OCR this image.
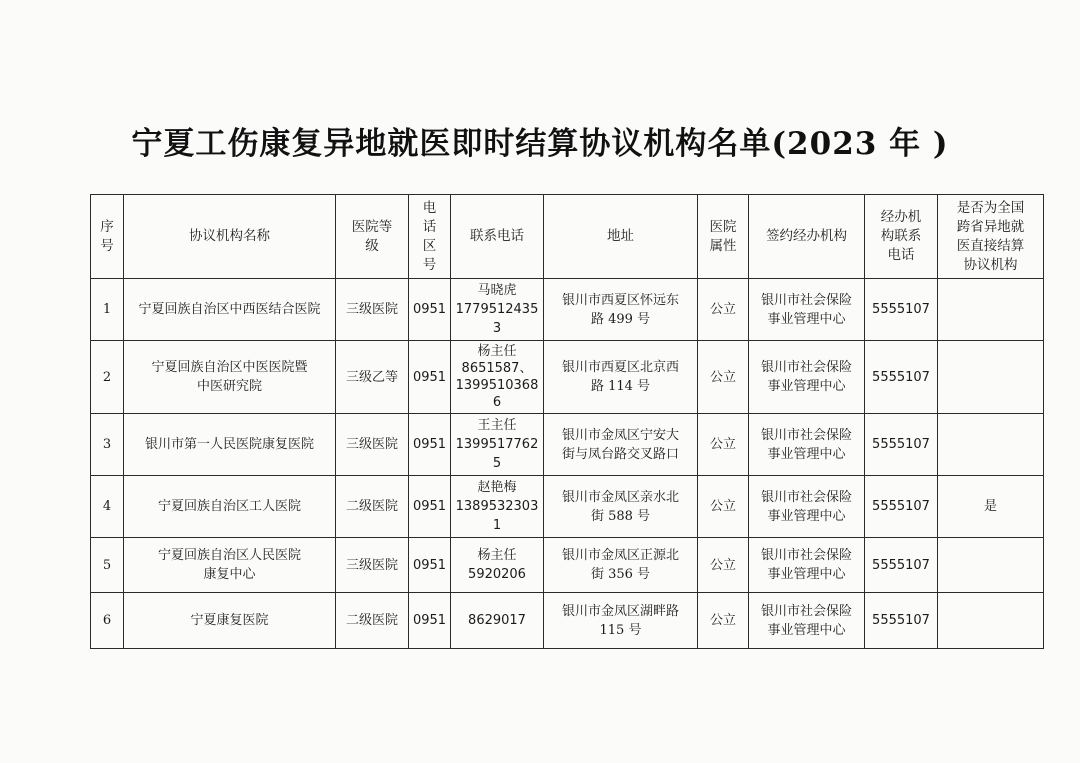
宁夏工伤康复异地就医即时结算协议机构名单(2023 年 )
序号	协议机构名称	医院等级	电话区号	联系电话	地址	医院属性	签约经办机构	经办机构联系电话	是否为全国跨省异地就医直接结算协议机构

1	宁夏回族自治区中西医结合医院	三级医院	0951	马晓虎
17795124353	银川市西夏区怀远东
路 499 号	公立	银川市社会保险
事业管理中心	5555107	
2	宁夏回族自治区中医医院暨
中医研究院	三级乙等	0951	杨主任
8651587、
13995103686	银川市西夏区北京西
路 114 号	公立	银川市社会保险
事业管理中心	5555107	
3	银川市第一人民医院康复医院	三级医院	0951	王主任
13995177625	银川市金凤区宁安大
街与凤台路交叉路口	公立	银川市社会保险
事业管理中心	5555107	
4	宁夏回族自治区工人医院	二级医院	0951	赵艳梅
13895323031	银川市金凤区亲水北
街 588 号	公立	银川市社会保险
事业管理中心	5555107	是
5	宁夏回族自治区人民医院
康复中心	三级医院	0951	杨主任
5920206	银川市金凤区正源北
街 356 号	公立	银川市社会保险
事业管理中心	5555107	
6	宁夏康复医院	二级医院	0951	8629017	银川市金凤区湖畔路
115 号	公立	银川市社会保险
事业管理中心	5555107	
